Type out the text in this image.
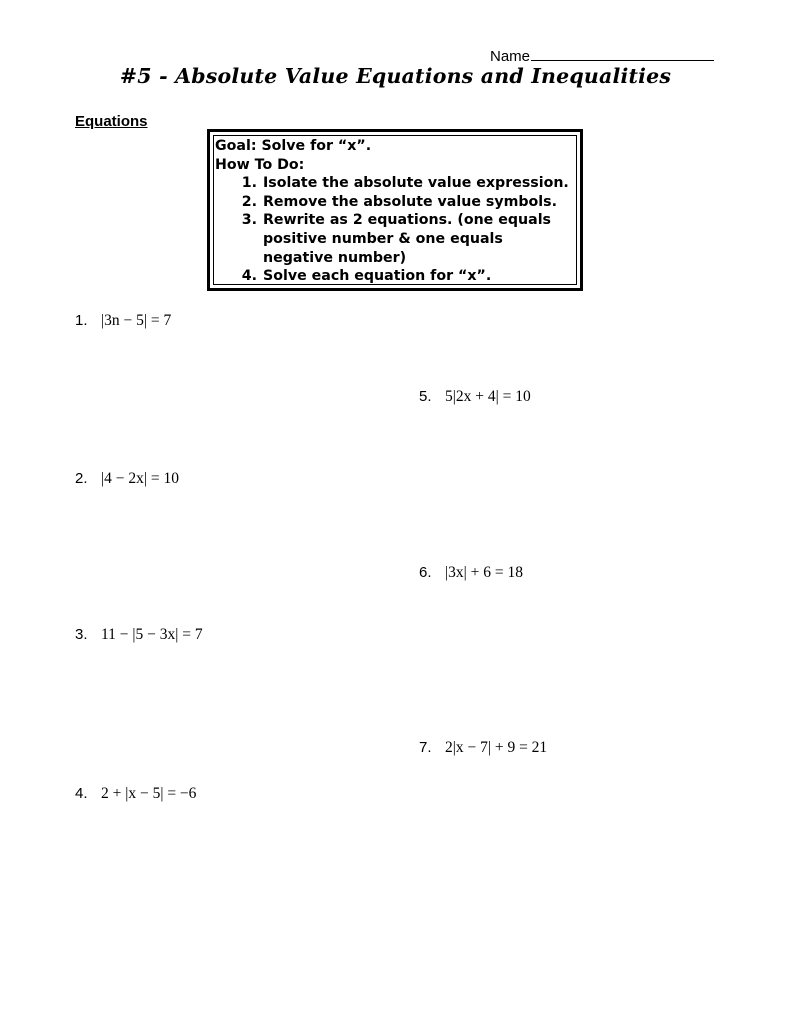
Name
#5 - Absolute Value Equations and Inequalities
Equations

Goal: Solve for “x”.

How To Do:

1. Isolate the absolute value expression.
2. Remove the absolute value symbols.
3. Rewrite as 2 equations. (one equals positive number & one equals negative number)
4. Solve each equation for “x”.
1. |3n − 5| = 7
2. |4 − 2x| = 10
3. 11 − |5 − 3x| = 7
4. 2 + |x − 5| = −6
5. 5|2x + 4| = 10
6. |3x| + 6 = 18
7. 2|x − 7| + 9 = 21
